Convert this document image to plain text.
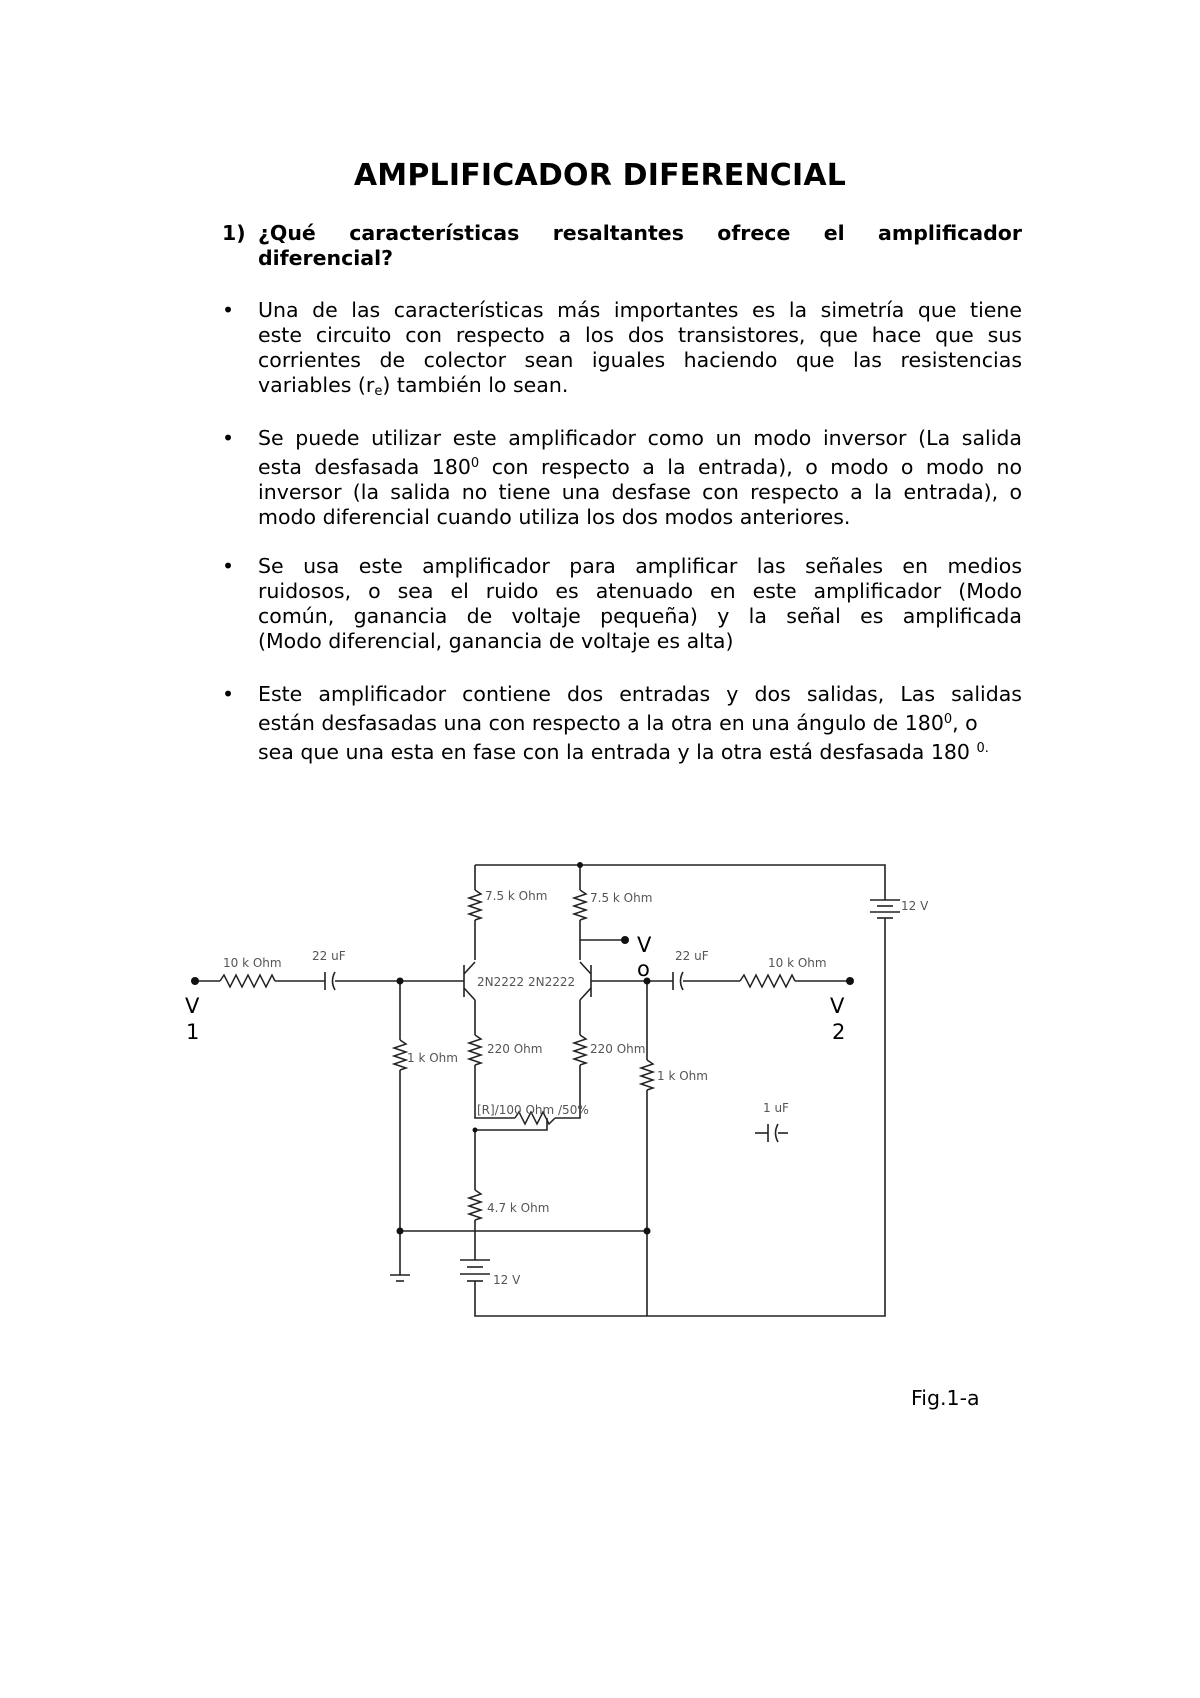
AMPLIFICADOR DIFERENCIAL
1) ¿Qué características resaltantes ofrece el amplificador
diferencial?
• Una de las características más importantes es la simetría que tiene
este circuito con respecto a los dos transistores, que hace que sus
corrientes de colector sean iguales haciendo que las resistencias
variables $(r_e)$ también lo sean.
• Se puede utilizar este amplificador como un modo inversor (La salida
esta desfasada $180^0$ con respecto a la entrada), o modo o modo no
inversor (la salida no tiene una desfase con respecto a la entrada), o
modo diferencial cuando utiliza los dos modos anteriores.
• Se usa este amplificador para amplificar las señales en medios
ruidosos, o sea el ruido es atenuado en este amplificador (Modo
común, ganancia de voltaje pequeña) y la señal es amplificada
(Modo diferencial, ganancia de voltaje es alta)
• Este amplificador contiene dos entradas y dos salidas, Las salidas
están desfasadas una con respecto a la otra en una ángulo de $180^0$, o
sea que una esta en fase con la entrada y la otra está desfasada 180 $^{0.}$
7.5 k Ohm	7.5 k Ohm
12 V
10 k Ohm	22 uF	22 uF	10 k Ohm
2N2222 2N2222
1 k Ohm
220 Ohm	220 Ohm
1 k Ohm
[R]/100 Ohm /50%
4.7 k Ohm
1 uF
12 V
V
1
V
2
V
o
Fig.1-a
